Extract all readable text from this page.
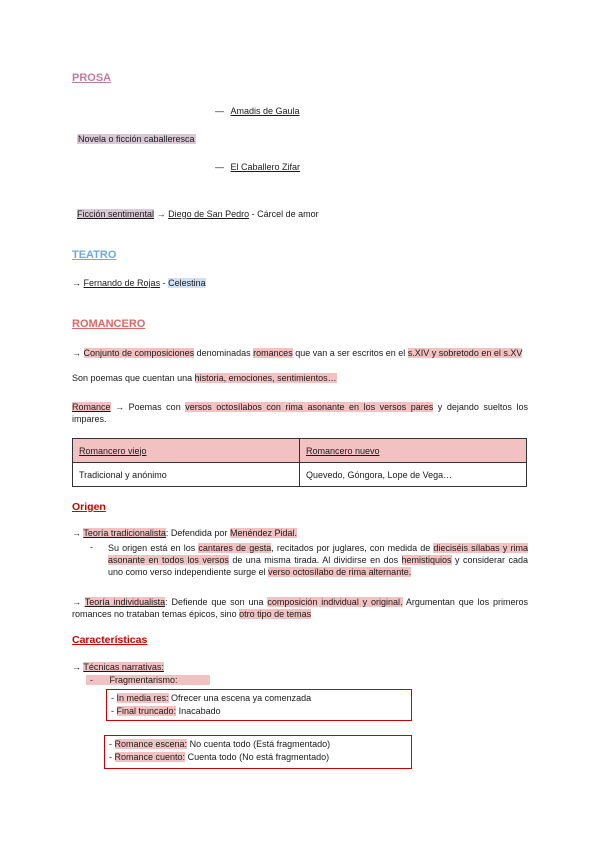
PROSA
— Amadis de Gaula
Novela o ficción caballeresca
— El Caballero Zifar
Ficción sentimental → Diego de San Pedro - Cárcel de amor
TEATRO
→ Fernando de Rojas - Celestina
ROMANCERO
→ Conjunto de composiciones denominadas romances que van a ser escritos en el s.XIV y sobretodo en el s.XV
Son poemas que cuentan una historia, emociones, sentimientos…
Romance → Poemas con versos octosílabos con rima asonante en los versos pares y dejando sueltos los impares.
Romancero viejo	Romancero nuevo
Tradicional y anónimo	Quevedo, Góngora, Lope de Vega…
Origen
→ Teoría tradicionalista: Defendida por Menéndez Pidal.
- Su origen está en los cantares de gesta, recitados por juglares, con medida de dieciséis sílabas y rima asonante en todos los versos de una misma tirada. Al dividirse en dos hemistiquios y considerar cada uno como verso independiente surge el verso octosílabo de rima alternante.
→ Teoría individualista: Defiende que son una composición individual y original. Argumentan que los primeros romances no trataban temas épicos, sino otro tipo de temas
Características
→ Técnicas narrativas:
- Fragmentarismo:
- In media res: Ofrecer una escena ya comenzada
- Final truncado: Inacabado
- Romance escena: No cuenta todo (Está fragmentado)
- Romance cuento: Cuenta todo (No está fragmentado)
